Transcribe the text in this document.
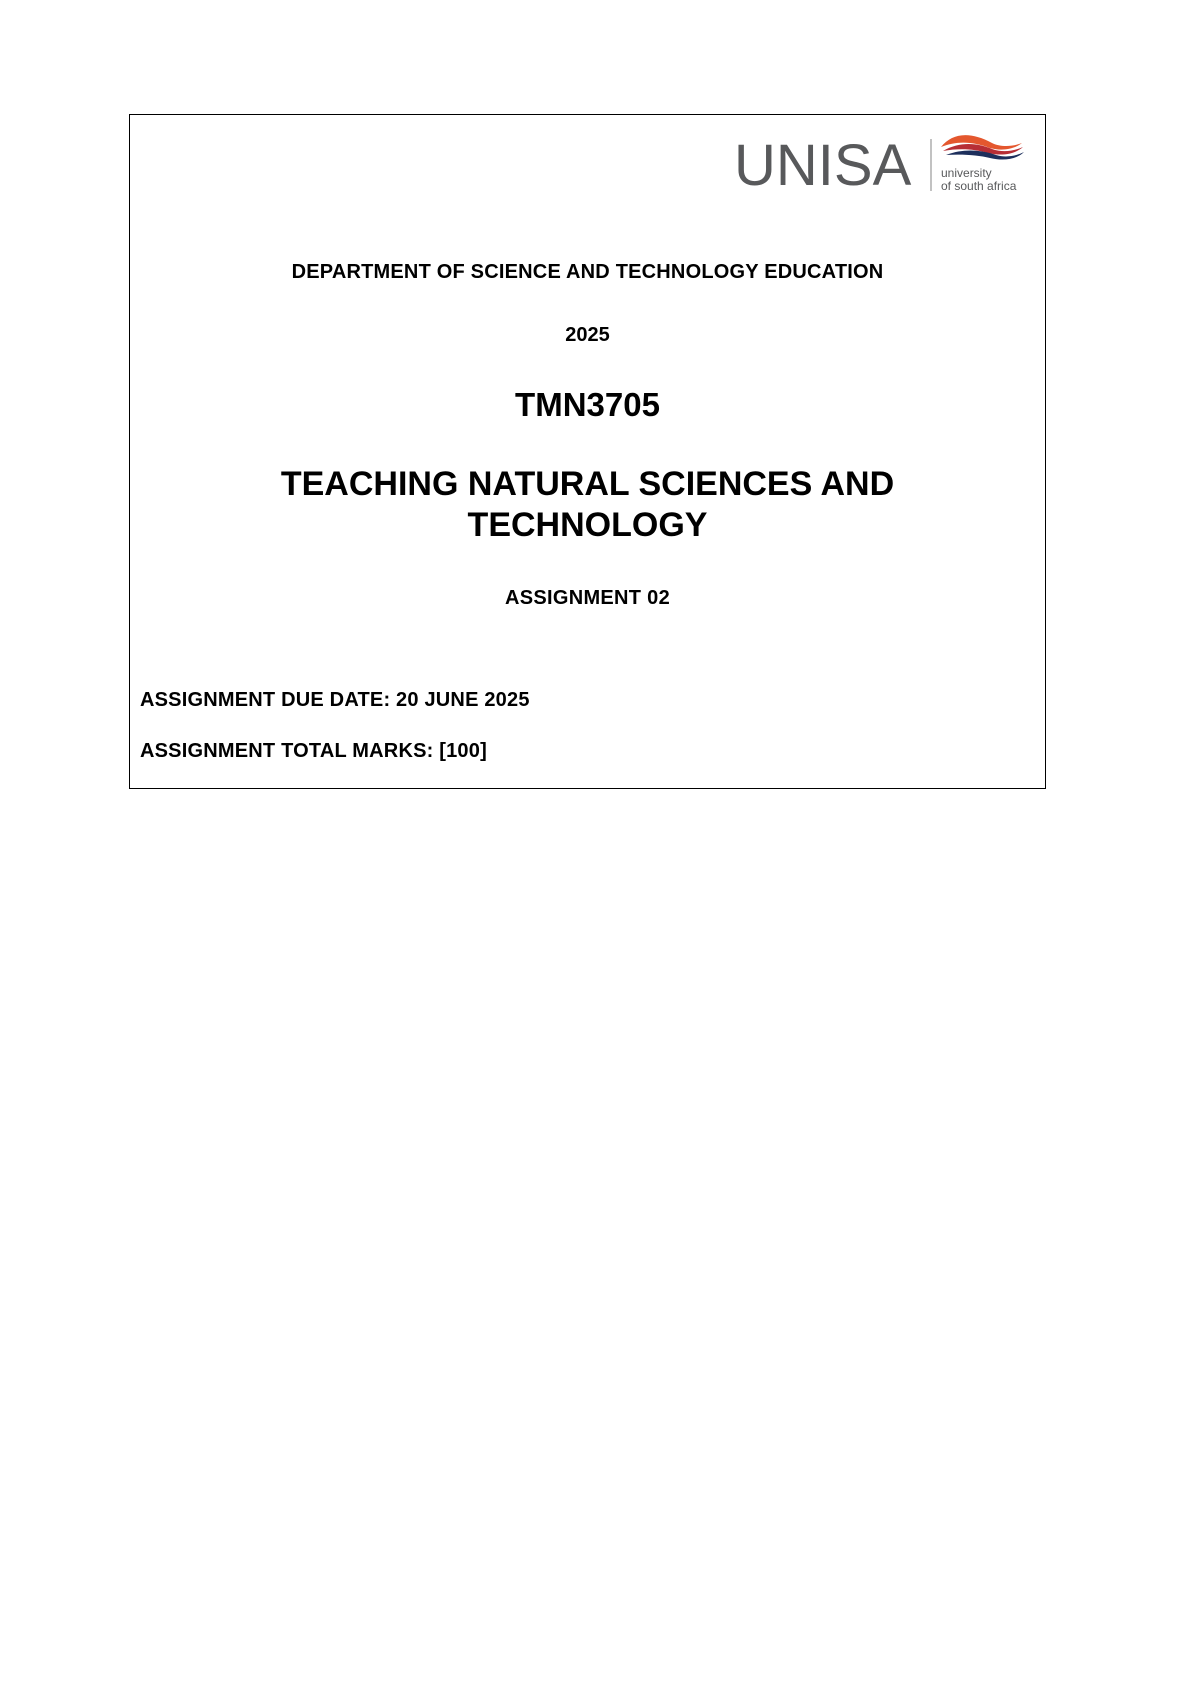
UNISA university
of south africa
DEPARTMENT OF SCIENCE AND TECHNOLOGY EDUCATION
2025
TMN3705
TEACHING NATURAL SCIENCES AND
TECHNOLOGY
ASSIGNMENT 02
ASSIGNMENT DUE DATE: 20 JUNE 2025
ASSIGNMENT TOTAL MARKS: [100]
